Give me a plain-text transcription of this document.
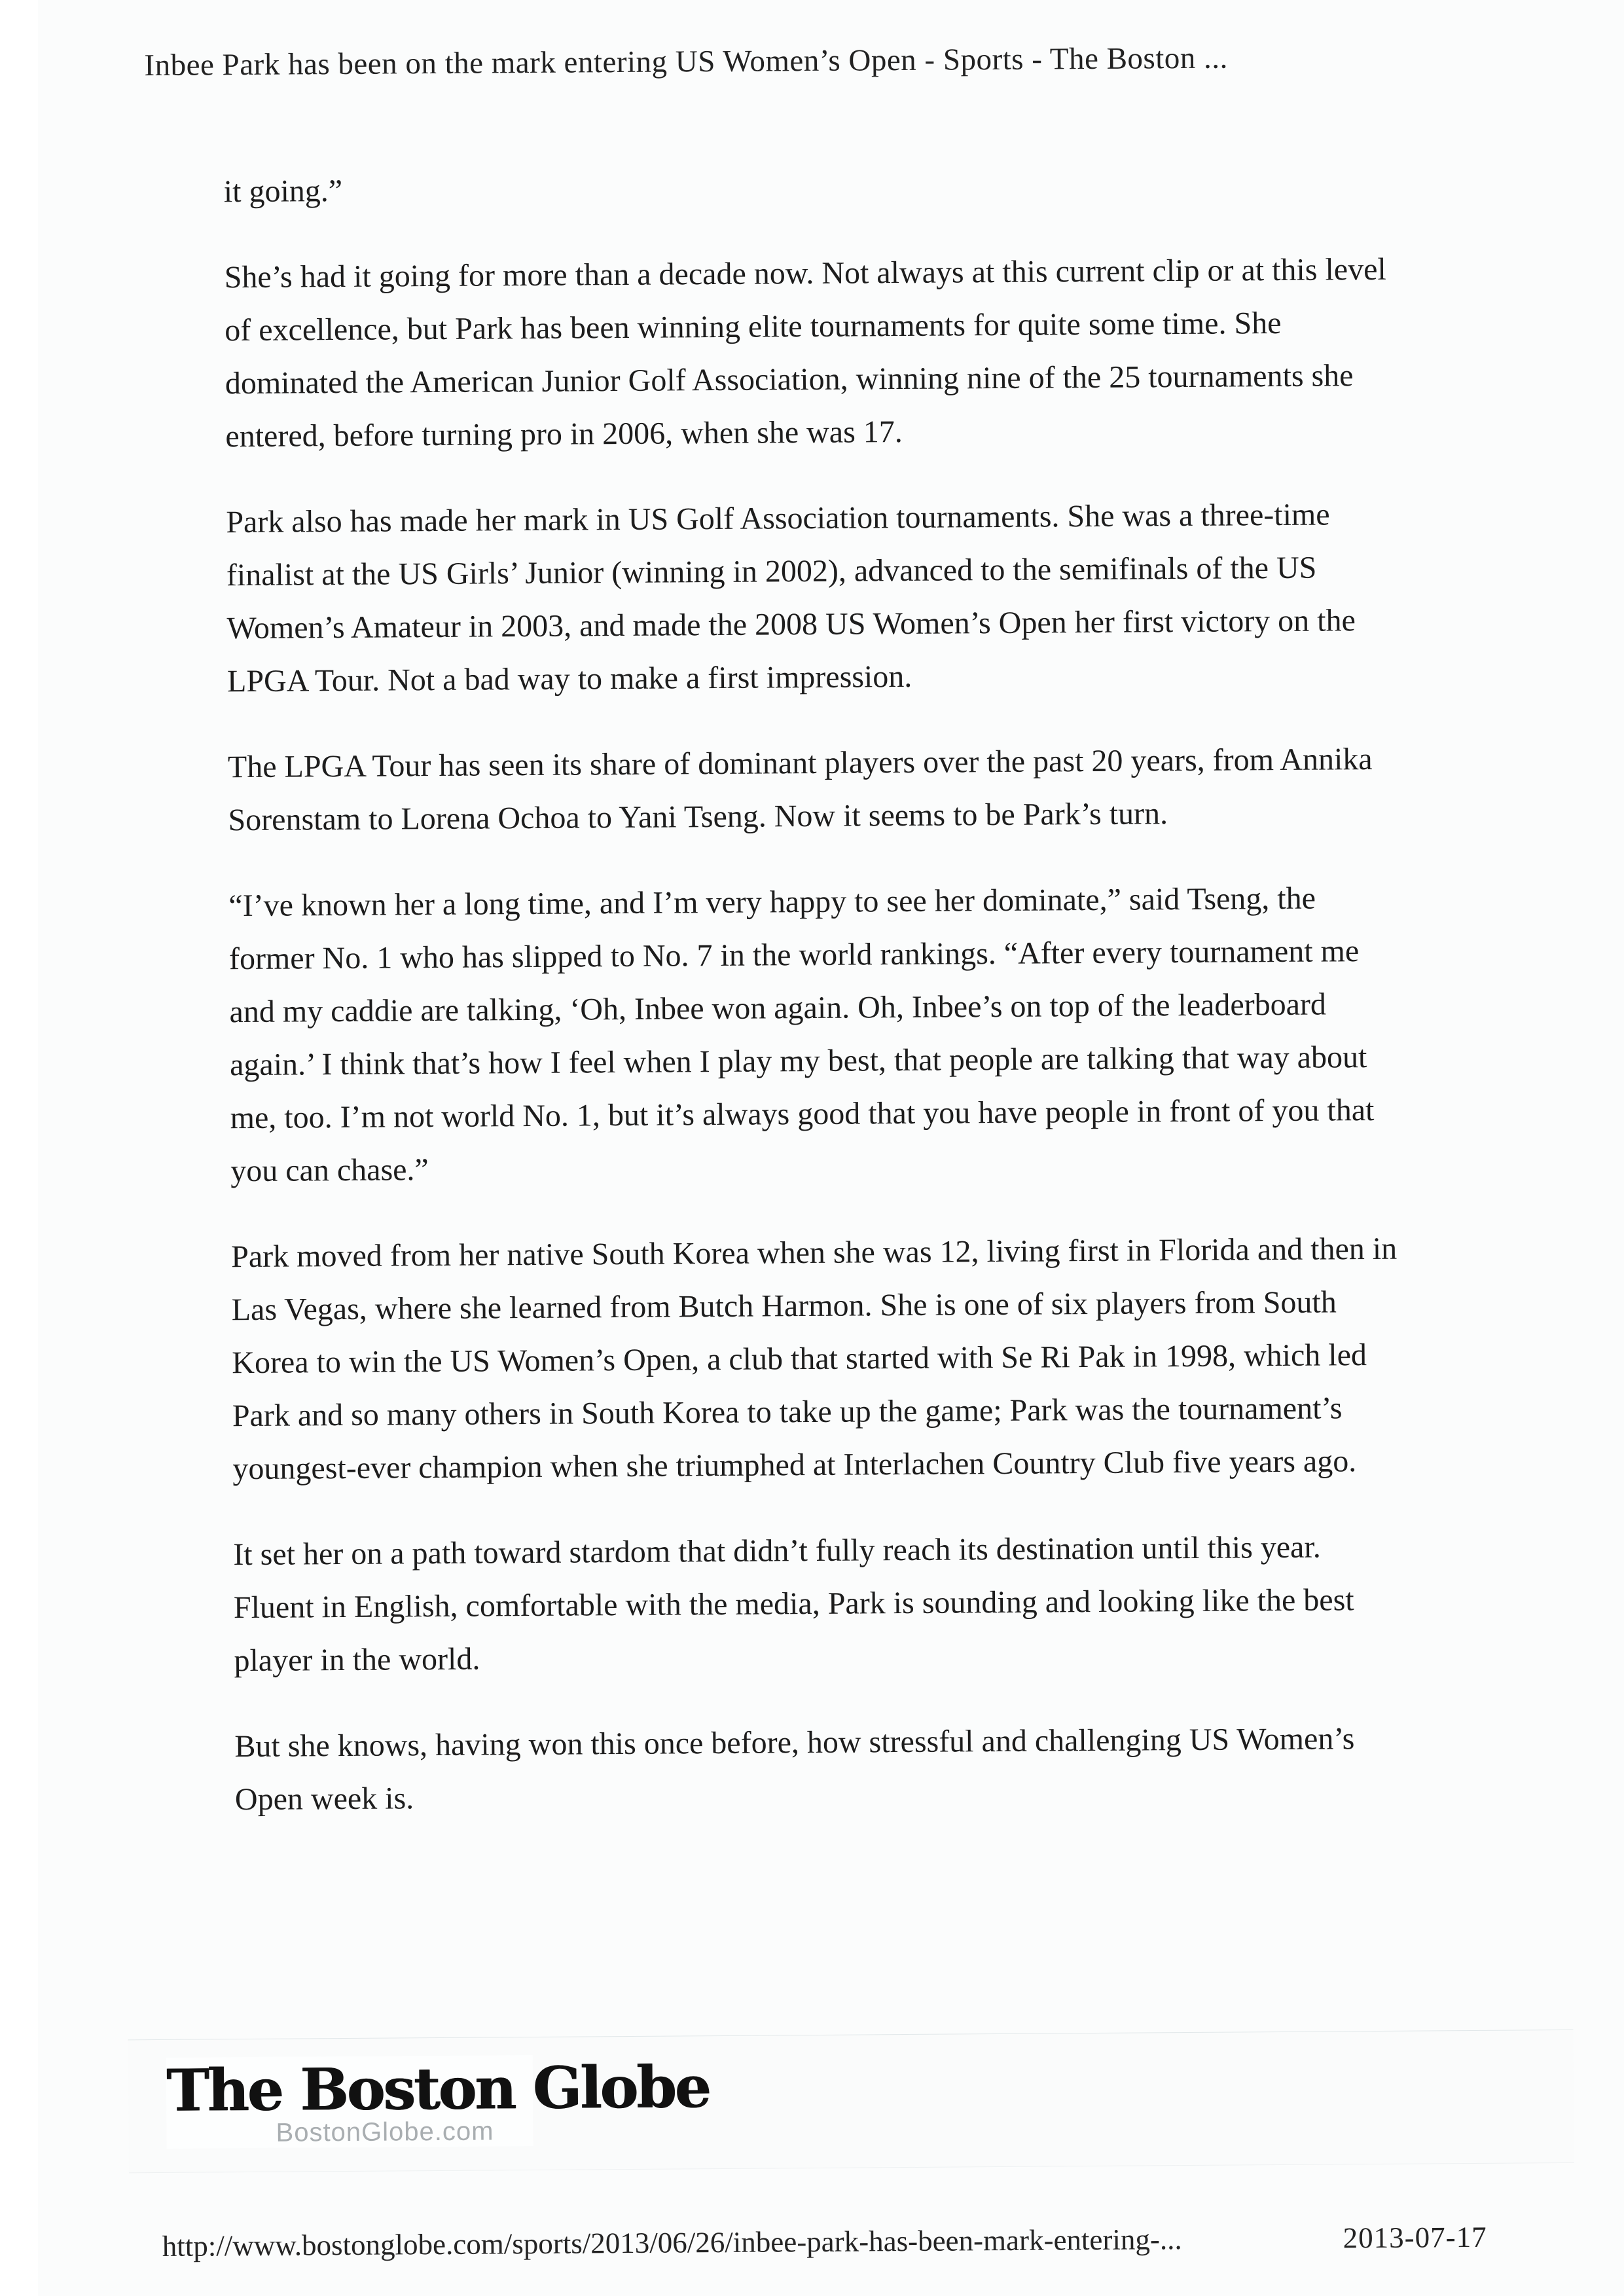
Inbee Park has been on the mark entering US Women’s Open - Sports - The Boston ...

it going.”

She’s had it going for more than a decade now. Not always at this current clip or at this level of excellence, but Park has been winning elite tournaments for quite some time. She dominated the American Junior Golf Association, winning nine of the 25 tournaments she entered, before turning pro in 2006, when she was 17.

Park also has made her mark in US Golf Association tournaments. She was a three-time finalist at the US Girls’ Junior (winning in 2002), advanced to the semifinals of the US Women’s Amateur in 2003, and made the 2008 US Women’s Open her first victory on the LPGA Tour. Not a bad way to make a first impression.

The LPGA Tour has seen its share of dominant players over the past 20 years, from Annika Sorenstam to Lorena Ochoa to Yani Tseng. Now it seems to be Park’s turn.

“I’ve known her a long time, and I’m very happy to see her dominate,” said Tseng, the former No. 1 who has slipped to No. 7 in the world rankings. “After every tournament me and my caddie are talking, ‘Oh, Inbee won again. Oh, Inbee’s on top of the leaderboard again.’ I think that’s how I feel when I play my best, that people are talking that way about me, too. I’m not world No. 1, but it’s always good that you have people in front of you that you can chase.”

Park moved from her native South Korea when she was 12, living first in Florida and then in Las Vegas, where she learned from Butch Harmon. She is one of six players from South Korea to win the US Women’s Open, a club that started with Se Ri Pak in 1998, which led Park and so many others in South Korea to take up the game; Park was the tournament’s youngest-ever champion when she triumphed at Interlachen Country Club five years ago.

It set her on a path toward stardom that didn’t fully reach its destination until this year. Fluent in English, comfortable with the media, Park is sounding and looking like the best player in the world.

But she knows, having won this once before, how stressful and challenging US Women’s Open week is.

The Boston Globe
BostonGlobe.com
http://www.bostonglobe.com/sports/2013/06/26/inbee-park-has-been-mark-entering-...	2013-07-17
